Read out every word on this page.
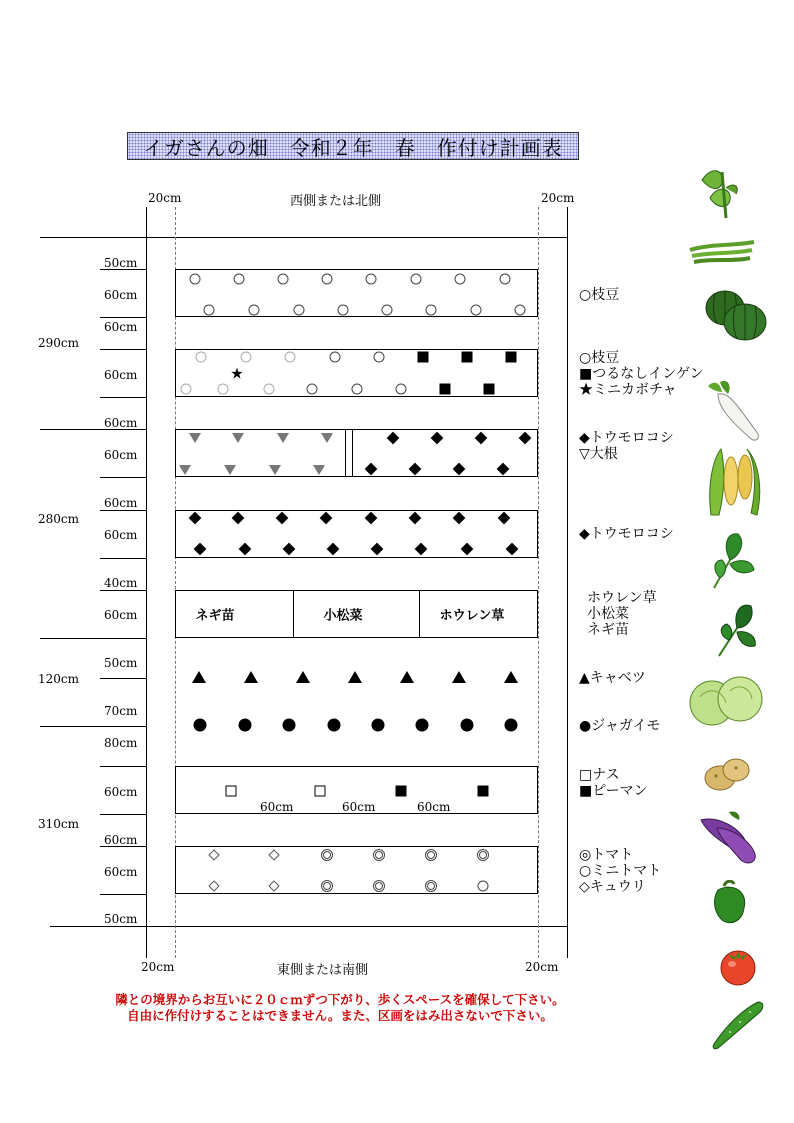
イガさんの畑　令和２年　春　作付け計画表
20cm	20cm
西側または北側
20cm	20cm
東側または南側
50cm
60cm
60cm
60cm
60cm
60cm
60cm
60cm
40cm
60cm
50cm
70cm
80cm
60cm
60cm
60cm
50cm
290cm
280cm
120cm
310cm
★
ネギ苗	小松菜	ホウレン草
60cm	60cm	60cm
○枝豆
○枝豆
■つるなしインゲン
★ミニカボチャ
◆トウモロコシ
▽大根
◆トウモロコシ
ホウレン草
小松菜
ネギ苗
▲キャベツ
●ジャガイモ
□ナス
■ピーマン
◎トマト
○ミニトマト
◇キュウリ
隣との境界からお互いに２０ｃｍずつ下がり、歩くスペースを確保して下さい。
自由に作付けすることはできません。また、区画をはみ出さないで下さい。
